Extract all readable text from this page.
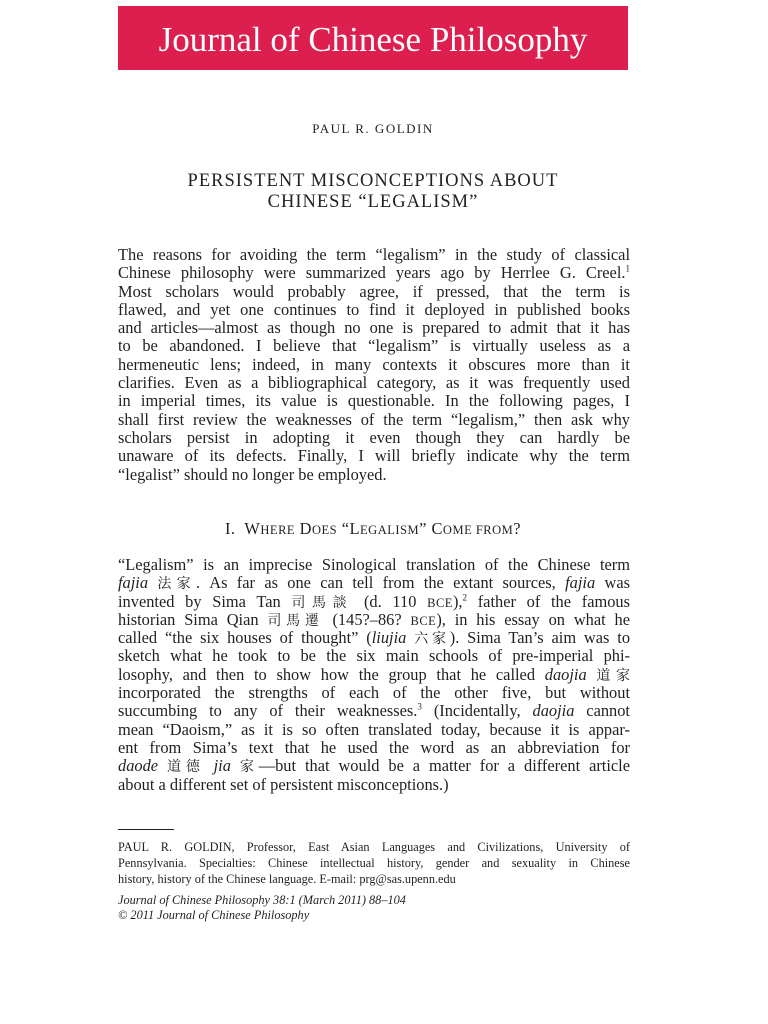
Journal of Chinese Philosophy
PAUL R. GOLDIN
PERSISTENT MISCONCEPTIONS ABOUT
CHINESE “LEGALISM”
The reasons for avoiding the term “legalism” in the study of classical
Chinese philosophy were summarized years ago by Herrlee G. Creel.$^1$
Most scholars would probably agree, if pressed, that the term is
flawed, and yet one continues to find it deployed in published books
and articles—almost as though no one is prepared to admit that it has
to be abandoned. I believe that “legalism” is virtually useless as a
hermeneutic lens; indeed, in many contexts it obscures more than it
clarifies. Even as a bibliographical category, as it was frequently used
in imperial times, its value is questionable. In the following pages, I
shall first review the weaknesses of the term “legalism,” then ask why
scholars persist in adopting it even though they can hardly be
unaware of its defects. Finally, I will briefly indicate why the term
“legalist” should no longer be employed.
I. WHERE DOES “LEGALISM” COME FROM?
“Legalism” is an imprecise Sinological translation of the Chinese term
fajia 法家. As far as one can tell from the extant sources, fajia was
invented by Sima Tan 司馬談 (d. 110 BCE),$^2$ father of the famous
historian Sima Qian 司馬遷 (145?–86? BCE), in his essay on what he
called “the six houses of thought” (liujia 六家). Sima Tan’s aim was to
sketch what he took to be the six main schools of pre-imperial phi-
losophy, and then to show how the group that he called daojia 道家
incorporated the strengths of each of the other five, but without
succumbing to any of their weaknesses.$^3$ (Incidentally, daojia cannot
mean “Daoism,” as it is so often translated today, because it is appar-
ent from Sima’s text that he used the word as an abbreviation for
daode 道德 jia 家—but that would be a matter for a different article
about a different set of persistent misconceptions.)
PAUL R. GOLDIN, Professor, East Asian Languages and Civilizations, University of
Pennsylvania. Specialties: Chinese intellectual history, gender and sexuality in Chinese
history, history of the Chinese language. E-mail: prg@sas.upenn.edu
Journal of Chinese Philosophy 38:1 (March 2011) 88–104
© 2011 Journal of Chinese Philosophy
